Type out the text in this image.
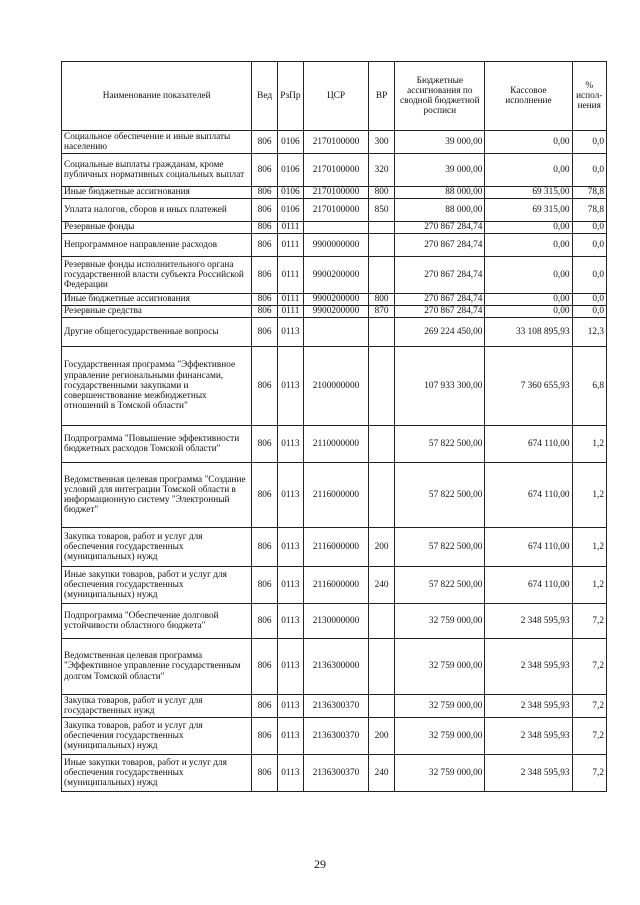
Наименование показателей	Вед	РзПр	ЦСР	ВР	Бюджетные ассигнования по сводной бюджетной росписи	Кассовое исполнение	% испол-нения
Социальное обеспечение и иные выплаты населению	806	0106	2170100000	300	39 000,00	0,00	0,0
Социальные выплаты гражданам, кроме публичных нормативных социальных выплат	806	0106	2170100000	320	39 000,00	0,00	0,0
Иные бюджетные ассигнования	806	0106	2170100000	800	88 000,00	69 315,00	78,8
Уплата налогов, сборов и иных платежей	806	0106	2170100000	850	88 000,00	69 315,00	78,8
Резервные фонды	806	0111			270 867 284,74	0,00	0,0
Непрограммное направление расходов	806	0111	9900000000		270 867 284,74	0,00	0,0
Резервные фонды исполнительного органа государственной власти субъекта Российской Федерации	806	0111	9900200000		270 867 284,74	0,00	0,0
Иные бюджетные ассигнования	806	0111	9900200000	800	270 867 284,74	0,00	0,0
Резервные средства	806	0111	9900200000	870	270 867 284,74	0,00	0,0
Другие общегосударственные вопросы	806	0113			269 224 450,00	33 108 895,93	12,3
Государственная программа "Эффективное управление региональными финансами, государственными закупками и совершенствование межбюджетных отношений в Томской области"	806	0113	2100000000		107 933 300,00	7 360 655,93	6,8
Подпрограмма "Повышение эффективности бюджетных расходов Томской области"	806	0113	2110000000		57 822 500,00	674 110,00	1,2
Ведомственная целевая программа "Создание условий для интеграции Томской области в информационную систему "Электронный бюджет"	806	0113	2116000000		57 822 500,00	674 110,00	1,2
Закупка товаров, работ и услуг для обеспечения государственных (муниципальных) нужд	806	0113	2116000000	200	57 822 500,00	674 110,00	1,2
Иные закупки товаров, работ и услуг для обеспечения государственных (муниципальных) нужд	806	0113	2116000000	240	57 822 500,00	674 110,00	1,2
Подпрограмма "Обеспечение долговой устойчивости областного бюджета"	806	0113	2130000000		32 759 000,00	2 348 595,93	7,2
Ведомственная целевая программа "Эффективное управление государственным долгом Томской области"	806	0113	2136300000		32 759 000,00	2 348 595,93	7,2
Закупка товаров, работ и услуг для государственных нужд	806	0113	2136300370		32 759 000,00	2 348 595,93	7,2
Закупка товаров, работ и услуг для обеспечения государственных (муниципальных) нужд	806	0113	2136300370	200	32 759 000,00	2 348 595,93	7,2
Иные закупки товаров, работ и услуг для обеспечения государственных (муниципальных) нужд	806	0113	2136300370	240	32 759 000,00	2 348 595,93	7,2
29
